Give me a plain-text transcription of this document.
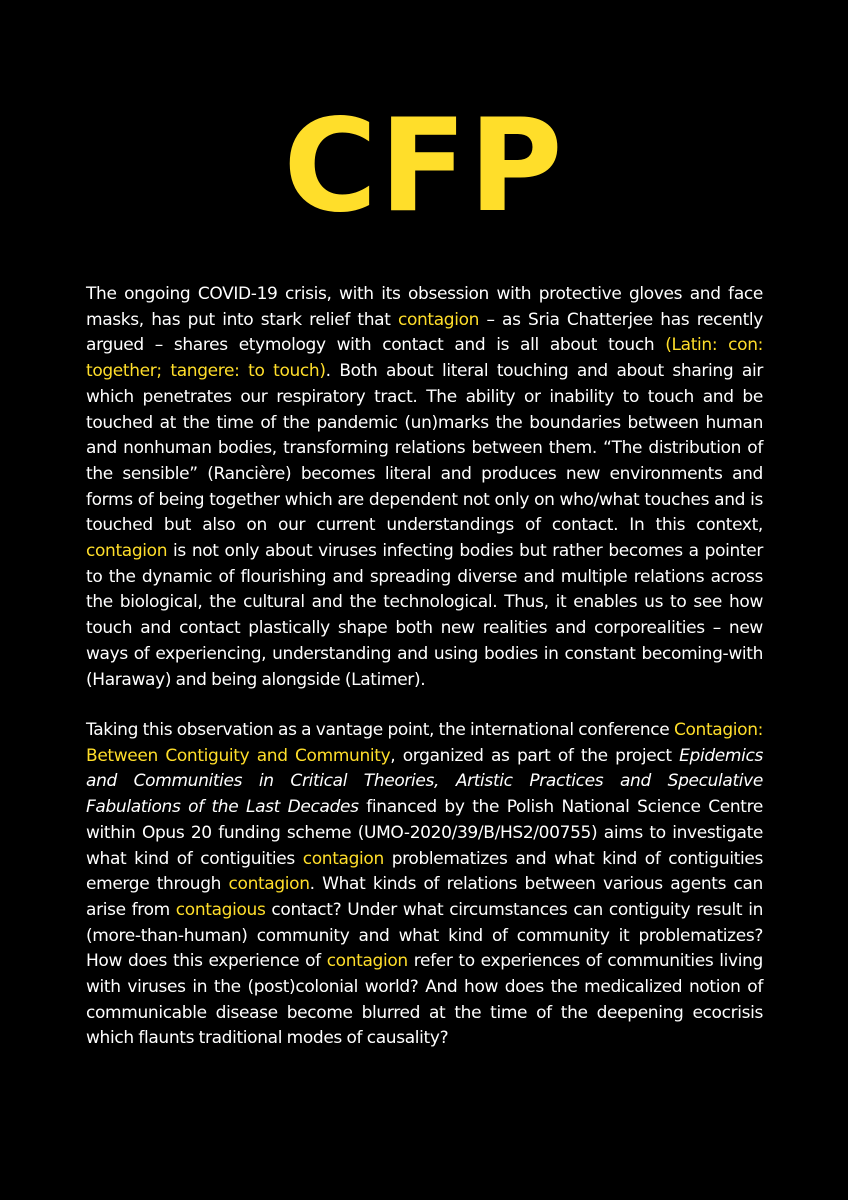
CFP

The ongoing COVID-19 crisis, with its obsession with protective gloves and face masks, has put into stark relief that contagion – as Sria Chatterjee has recently argued – shares etymology with contact and is all about touch (Latin: con: together; tangere: to touch). Both about literal touching and about sharing air which penetrates our respiratory tract. The ability or inability to touch and be touched at the time of the pandemic (un)marks the boundaries between human and nonhuman bodies, transforming relations between them. “The distribution of the sensible” (Rancière) becomes literal and produces new environments and forms of being together which are dependent not only on who/what touches and is touched but also on our current understandings of contact. In this context, contagion is not only about viruses infecting bodies but rather becomes a pointer to the dynamic of flourishing and spreading diverse and multiple relations across the biological, the cultural and the technological. Thus, it enables us to see how touch and contact plastically shape both new realities and corporealities – new ways of experiencing, understanding and using bodies in constant becoming-with (Haraway) and being alongside (Latimer).

Taking this observation as a vantage point, the international conference Contagion: Between Contiguity and Community, organized as part of the project Epidemics and Communities in Critical Theories, Artistic Practices and Speculative Fabulations of the Last Decades financed by the Polish National Science Centre within Opus 20 funding scheme (UMO-2020/39/B/HS2/00755) aims to investigate what kind of contiguities contagion problematizes and what kind of contiguities emerge through contagion. What kinds of relations between various agents can arise from contagious contact? Under what circumstances can contiguity result in (more-than-human) community and what kind of community it problematizes? How does this experience of contagion refer to experiences of communities living with viruses in the (post)colonial world? And how does the medicalized notion of communicable disease become blurred at the time of the deepening ecocrisis which flaunts traditional modes of causality?
